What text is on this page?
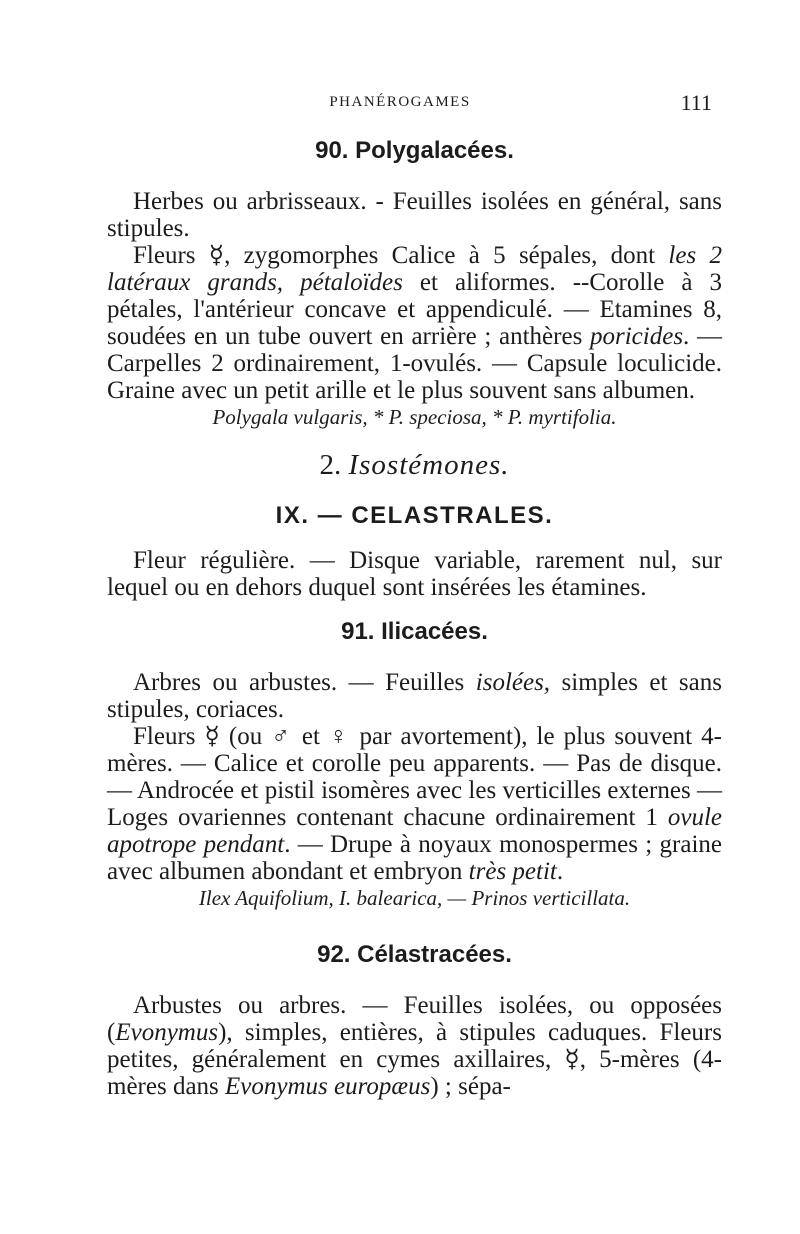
PHANÉROGAMES	111
90. Polygalacées.

Herbes ou arbrisseaux. - Feuilles isolées en général, sans stipules.

Fleurs ☿, zygomorphes Calice à 5 sépales, dont les 2 latéraux grands, pétaloïdes et aliformes. --Corolle à 3 pétales, l'antérieur concave et appendiculé. — Etamines 8, soudées en un tube ouvert en arrière ; anthères poricides. — Carpelles 2 ordinairement, 1-ovulés. — Capsule loculicide. Graine avec un petit arille et le plus souvent sans albumen.

Polygala vulgaris, * P. speciosa, * P. myrtifolia.

2. Isostémones.
IX. — CELASTRALES.

Fleur régulière. — Disque variable, rarement nul, sur lequel ou en dehors duquel sont insérées les étamines.

91. Ilicacées.

Arbres ou arbustes. — Feuilles isolées, simples et sans stipules, coriaces.

Fleurs ☿ (ou ♂ et ♀ par avortement), le plus souvent 4-mères. — Calice et corolle peu apparents. — Pas de disque. — Androcée et pistil isomères avec les verticilles externes — Loges ovariennes contenant chacune ordinairement 1 ovule apotrope pendant. — Drupe à noyaux monospermes ; graine avec albumen abondant et embryon très petit.

Ilex Aquifolium, I. balearica, — Prinos verticillata.

92. Célastracées.

Arbustes ou arbres. — Feuilles isolées, ou opposées (Evonymus), simples, entières, à stipules caduques. Fleurs petites, généralement en cymes axillaires, ☿, 5-mères (4-mères dans Evonymus europæus) ; sépa-
